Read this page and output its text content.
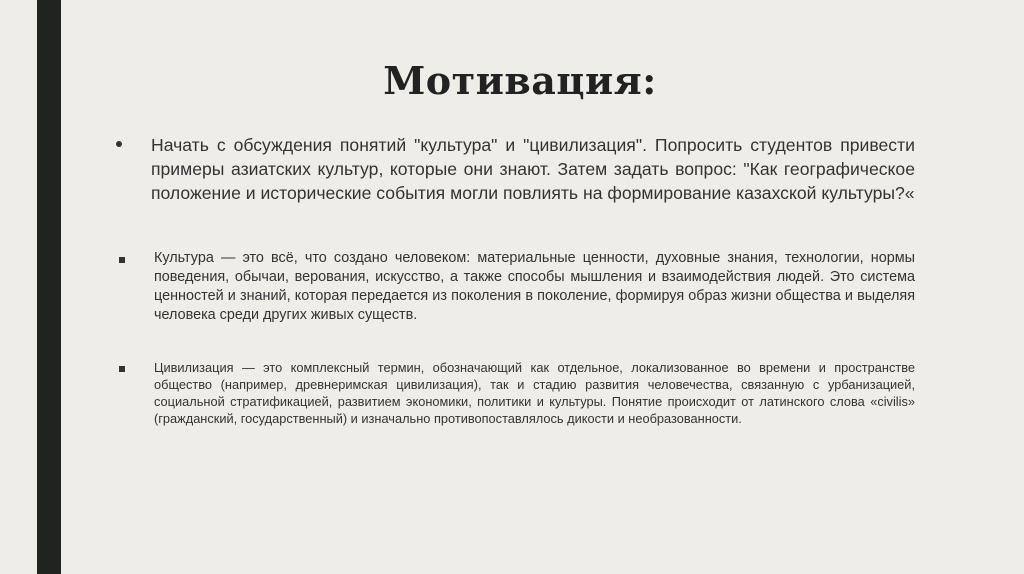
Мотивация:

Начать с обсуждения понятий "культура" и "цивилизация". Попросить студентов привести примеры азиатских культур, которые они знают. Затем задать вопрос: "Как географическое положение и исторические события могли повлиять на формирование казахской культуры?«

Культура — это всё, что создано человеком: материальные ценности, духовные знания, технологии, нормы поведения, обычаи, верования, искусство, а также способы мышления и взаимодействия людей. Это система ценностей и знаний, которая передается из поколения в поколение, формируя образ жизни общества и выделяя человека среди других живых существ.

Цивилизация — это комплексный термин, обозначающий как отдельное, локализованное во времени и пространстве общество (например, древнеримская цивилизация), так и стадию развития человечества, связанную с урбанизацией, социальной стратификацией, развитием экономики, политики и культуры. Понятие происходит от латинского слова «civilis» (гражданский, государственный) и изначально противопоставлялось дикости и необразованности.
